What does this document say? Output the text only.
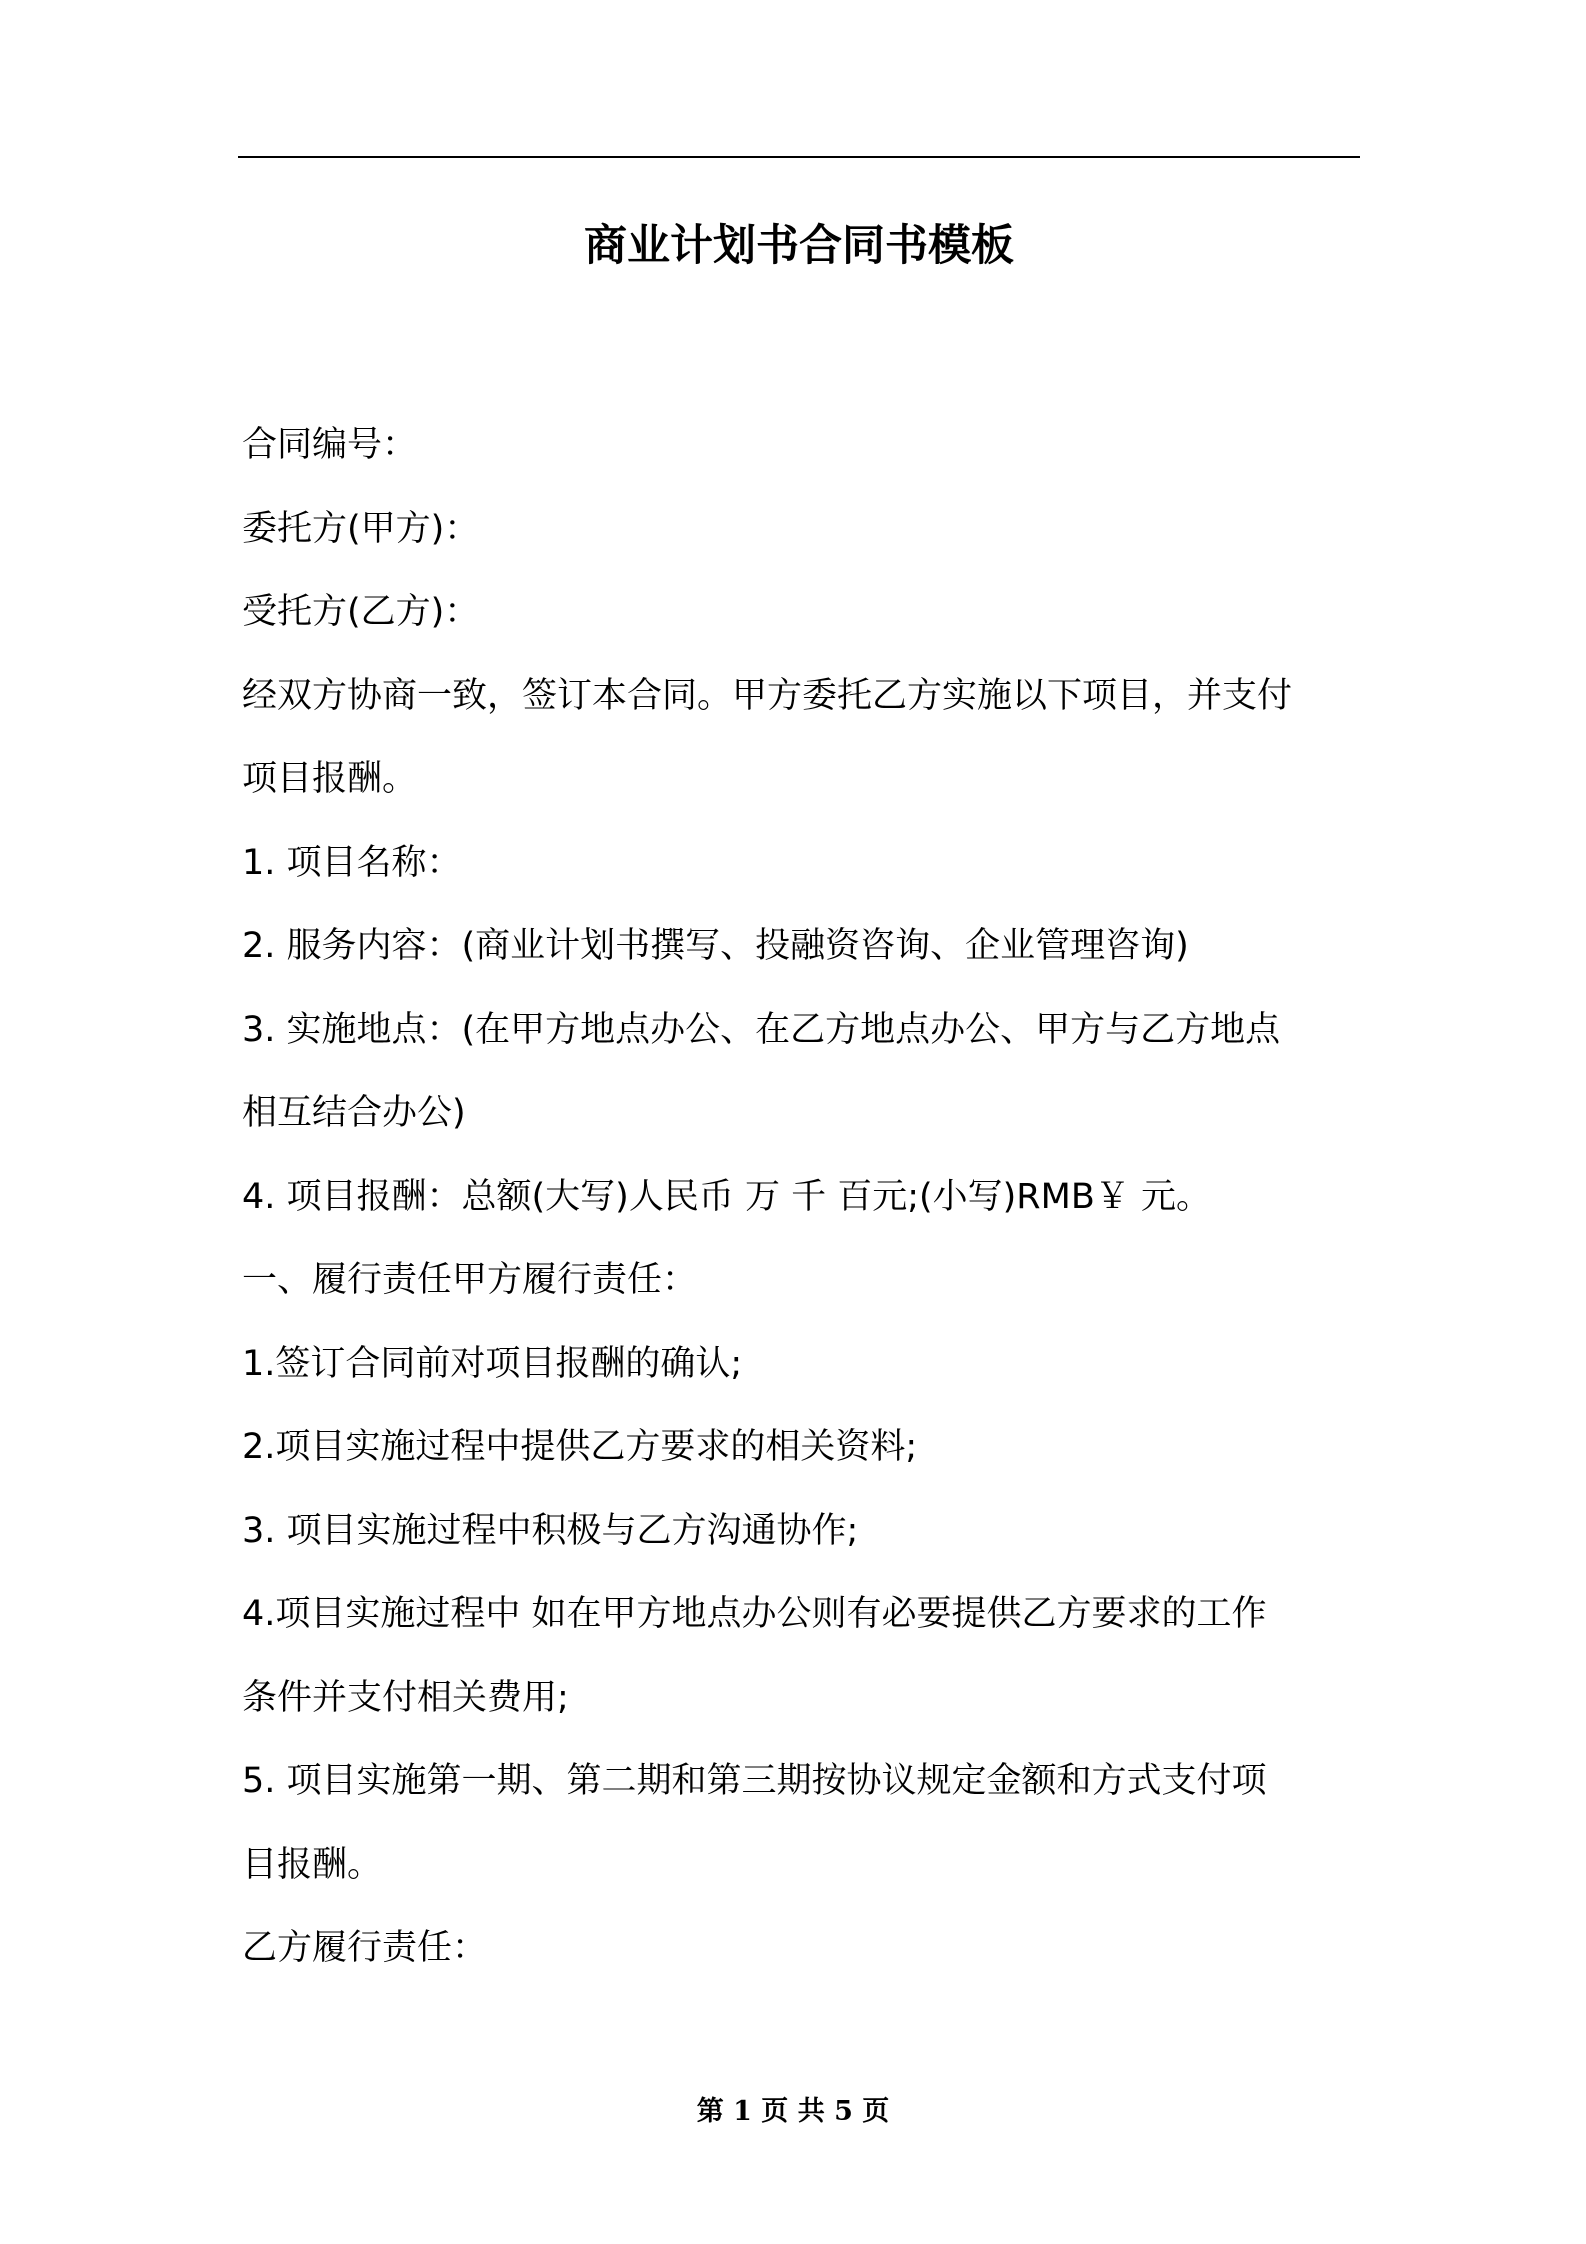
商业计划书合同书模板
合同编号：
委托方(甲方)：
受托方(乙方)：
经双方协商一致，签订本合同。甲方委托乙方实施以下项目，并支付
项目报酬。
1. 项目名称：
2. 服务内容：(商业计划书撰写、投融资咨询、企业管理咨询)
3. 实施地点：(在甲方地点办公、在乙方地点办公、甲方与乙方地点
相互结合办公)
4. 项目报酬：总额(大写)人民币 万 千 百元;(小写)RMB￥ 元。
一、履行责任甲方履行责任：
1.签订合同前对项目报酬的确认;
2.项目实施过程中提供乙方要求的相关资料;
3. 项目实施过程中积极与乙方沟通协作;
4.项目实施过程中 如在甲方地点办公则有必要提供乙方要求的工作
条件并支付相关费用;
5. 项目实施第一期、第二期和第三期按协议规定金额和方式支付项
目报酬。
乙方履行责任：
第 1 页 共 5 页
